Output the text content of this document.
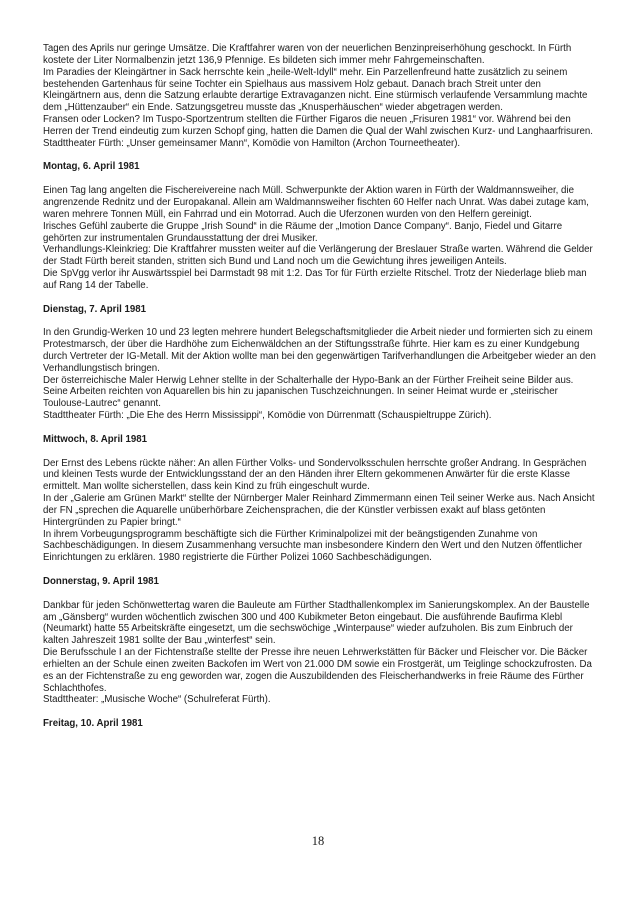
Tagen des Aprils nur geringe Umsätze. Die Kraftfahrer waren von der neuerlichen Benzinpreiserhöhung geschockt. In Fürth kostete der Liter Normalbenzin jetzt 136,9 Pfennige. Es bildeten sich immer mehr Fahrgemeinschaften.

Im Paradies der Kleingärtner in Sack herrschte kein „heile-Welt-Idyll“ mehr. Ein Parzellenfreund hatte zusätzlich zu seinem bestehenden Gartenhaus für seine Tochter ein Spielhaus aus massivem Holz gebaut. Danach brach Streit unter den Kleingärtnern aus, denn die Satzung erlaubte derartige Extravaganzen nicht. Eine stürmisch verlaufende Versammlung machte dem „Hüttenzauber“ ein Ende. Satzungsgetreu musste das „Knusperhäuschen“ wieder abgetragen werden.

Fransen oder Locken? Im Tuspo-Sportzentrum stellten die Fürther Figaros die neuen „Frisuren 1981“ vor. Während bei den Herren der Trend eindeutig zum kurzen Schopf ging, hatten die Damen die Qual der Wahl zwischen Kurz- und Langhaarfrisuren.

Stadttheater Fürth: „Unser gemeinsamer Mann“, Komödie von Hamilton (Archon Tourneetheater).

Montag, 6. April 1981

Einen Tag lang angelten die Fischereivereine nach Müll. Schwerpunkte der Aktion waren in Fürth der Waldmannsweiher, die angrenzende Rednitz und der Europakanal. Allein am Waldmannsweiher fischten 60 Helfer nach Unrat. Was dabei zutage kam, waren mehrere Tonnen Müll, ein Fahrrad und ein Motorrad. Auch die Uferzonen wurden von den Helfern gereinigt.

Irisches Gefühl zauberte die Gruppe „Irish Sound“ in die Räume der „Imotion Dance Company“. Banjo, Fiedel und Gitarre gehörten zur instrumentalen Grundausstattung der drei Musiker.

Verhandlungs-Kleinkrieg: Die Kraftfahrer mussten weiter auf die Verlängerung der Breslauer Straße warten. Während die Gelder der Stadt Fürth bereit standen, stritten sich Bund und Land noch um die Gewichtung ihres jeweiligen Anteils.

Die SpVgg verlor ihr Auswärtsspiel bei Darmstadt 98 mit 1:2. Das Tor für Fürth erzielte Ritschel. Trotz der Niederlage blieb man auf Rang 14 der Tabelle.

Dienstag, 7. April 1981

In den Grundig-Werken 10 und 23 legten mehrere hundert Belegschaftsmitglieder die Arbeit nieder und formierten sich zu einem Protestmarsch, der über die Hardhöhe zum Eichenwäldchen an der Stiftungsstraße führte. Hier kam es zu einer Kundgebung durch Vertreter der IG-Metall. Mit der Aktion wollte man bei den gegenwärtigen Tarifverhandlungen die Arbeitgeber wieder an den Verhandlungstisch bringen.

Der österreichische Maler Herwig Lehner stellte in der Schalterhalle der Hypo-Bank an der Fürther Freiheit seine Bilder aus. Seine Arbeiten reichten von Aquarellen bis hin zu japanischen Tuschzeichnungen. In seiner Heimat wurde er „steirischer Toulouse-Lautrec“ genannt.

Stadttheater Fürth: „Die Ehe des Herrn Mississippi“, Komödie von Dürrenmatt (Schauspieltruppe Zürich).

Mittwoch, 8. April 1981

Der Ernst des Lebens rückte näher: An allen Fürther Volks- und Sondervolksschulen herrschte großer Andrang. In Gesprächen und kleinen Tests wurde der Entwicklungsstand der an den Händen ihrer Eltern gekommenen Anwärter für die erste Klasse ermittelt. Man wollte sicherstellen, dass kein Kind zu früh eingeschult wurde.

In der „Galerie am Grünen Markt“ stellte der Nürnberger Maler Reinhard Zimmermann einen Teil seiner Werke aus. Nach Ansicht der FN „sprechen die Aquarelle unüberhörbare Zeichensprachen, die der Künstler verbissen exakt auf blass getönten Hintergründen zu Papier bringt.“

In ihrem Vorbeugungsprogramm beschäftigte sich die Fürther Kriminalpolizei mit der beängstigenden Zunahme von Sachbeschädigungen. In diesem Zusammenhang versuchte man insbesondere Kindern den Wert und den Nutzen öffentlicher Einrichtungen zu erklären. 1980 registrierte die Fürther Polizei 1060 Sachbeschädigungen.

Donnerstag, 9. April 1981

Dankbar für jeden Schönwettertag waren die Bauleute am Fürther Stadthallenkomplex im Sanierungskomplex. An der Baustelle am „Gänsberg“ wurden wöchentlich zwischen 300 und 400 Kubikmeter Beton eingebaut. Die ausführende Baufirma Klebl (Neumarkt) hatte 55 Arbeitskräfte eingesetzt, um die sechswöchige „Winterpause“ wieder aufzuholen. Bis zum Einbruch der kalten Jahreszeit 1981 sollte der Bau „winterfest“ sein.

Die Berufsschule I an der Fichtenstraße stellte der Presse ihre neuen Lehrwerkstätten für Bäcker und Fleischer vor. Die Bäcker erhielten an der Schule einen zweiten Backofen im Wert von 21.000 DM sowie ein Frostgerät, um Teiglinge schockzufrosten. Da es an der Fichtenstraße zu eng geworden war, zogen die Auszubildenden des Fleischerhandwerks in freie Räume des Fürther Schlachthofes.

Stadttheater: „Musische Woche“ (Schulreferat Fürth).

Freitag, 10. April 1981
18
